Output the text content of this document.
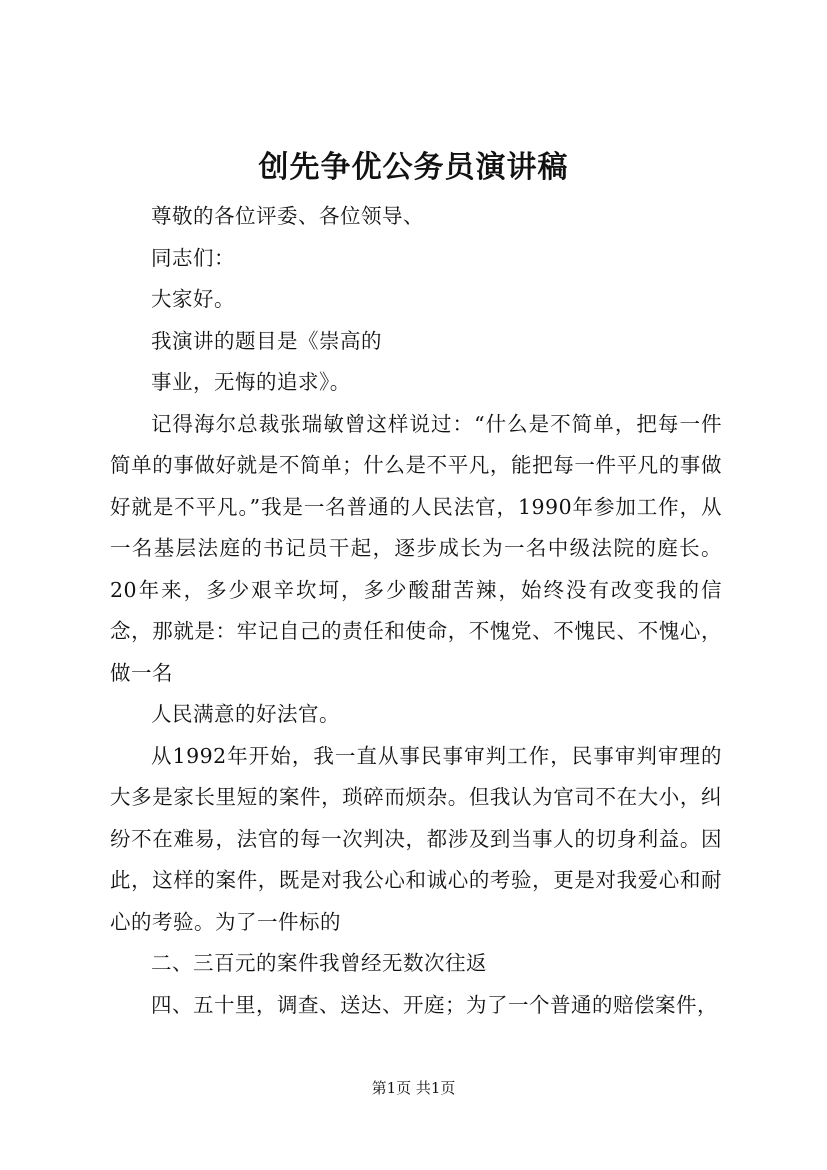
创先争优公务员演讲稿

尊敬的各位评委、各位领导、

同志们：

大家好。

我演讲的题目是《崇高的

事业，无悔的追求》。

记得海尔总裁张瑞敏曾这样说过：“什么是不简单，把每一件简单的事做好就是不简单；什么是不平凡，能把每一件平凡的事做好就是不平凡。”我是一名普通的人民法官，1990年参加工作，从一名基层法庭的书记员干起，逐步成长为一名中级法院的庭长。20年来，多少艰辛坎坷，多少酸甜苦辣，始终没有改变我的信念，那就是：牢记自己的责任和使命，不愧党、不愧民、不愧心，做一名

人民满意的好法官。

从1992年开始，我一直从事民事审判工作，民事审判审理的大多是家长里短的案件，琐碎而烦杂。但我认为官司不在大小，纠纷不在难易，法官的每一次判决，都涉及到当事人的切身利益。因此，这样的案件，既是对我公心和诚心的考验，更是对我爱心和耐心的考验。为了一件标的

二、三百元的案件我曾经无数次往返

四、五十里，调查、送达、开庭；为了一个普通的赔偿案件，

第1页 共1页
